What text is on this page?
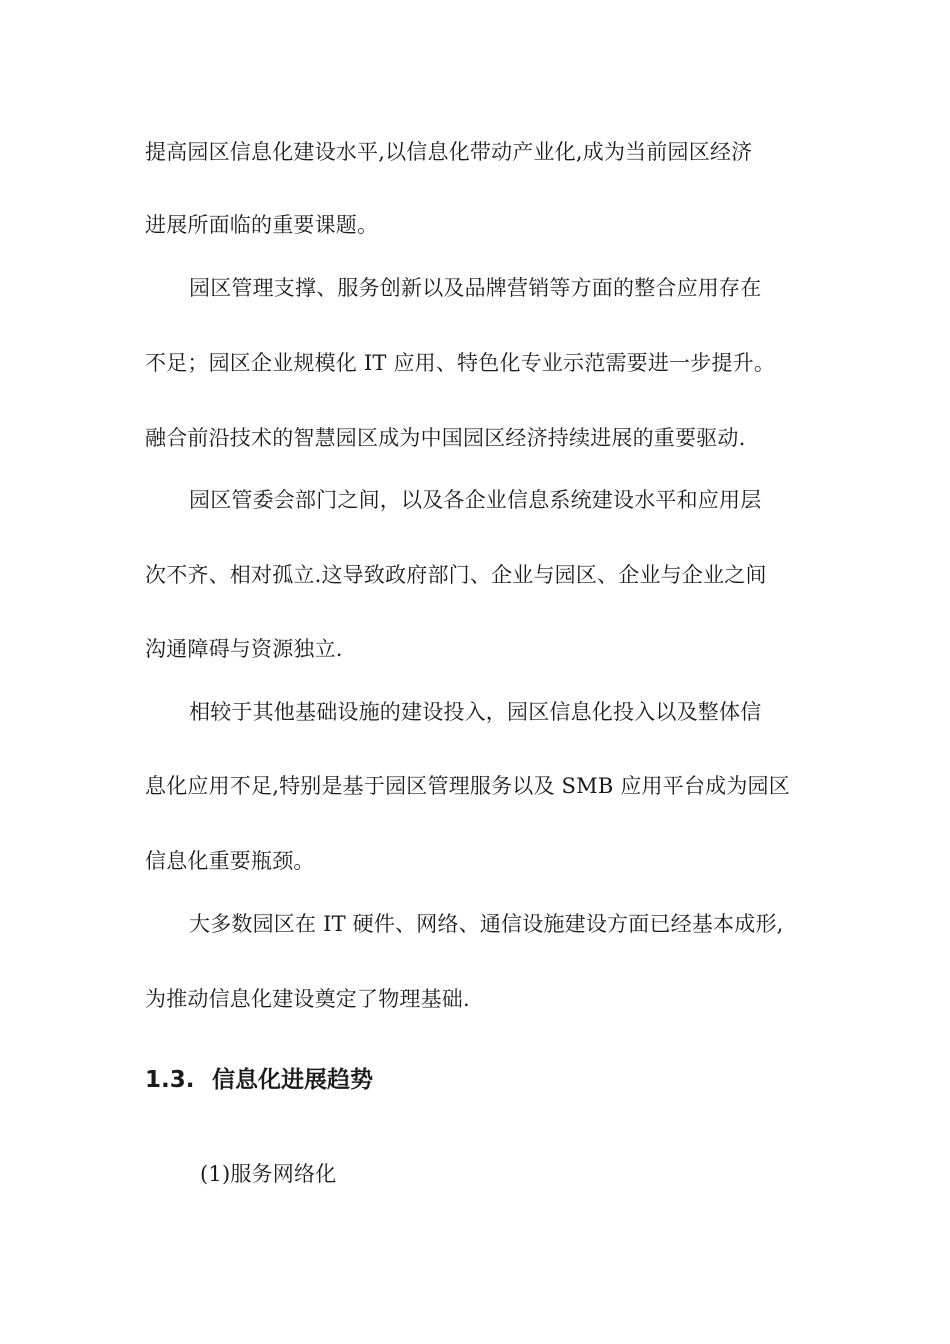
提高园区信息化建设水平,以信息化带动产业化,成为当前园区经济
进展所面临的重要课题。
园区管理支撑、服务创新以及品牌营销等方面的整合应用存在
不足；园区企业规模化 IT 应用、特色化专业示范需要进一步提升。
融合前沿技术的智慧园区成为中国园区经济持续进展的重要驱动.
园区管委会部门之间，以及各企业信息系统建设水平和应用层
次不齐、相对孤立.这导致政府部门、企业与园区、企业与企业之间
沟通障碍与资源独立.
相较于其他基础设施的建设投入，园区信息化投入以及整体信
息化应用不足,特别是基于园区管理服务以及 SMB 应用平台成为园区
信息化重要瓶颈。
大多数园区在 IT 硬件、网络、通信设施建设方面已经基本成形,
为推动信息化建设奠定了物理基础.
1.3. 信息化进展趋势
(1)服务网络化
